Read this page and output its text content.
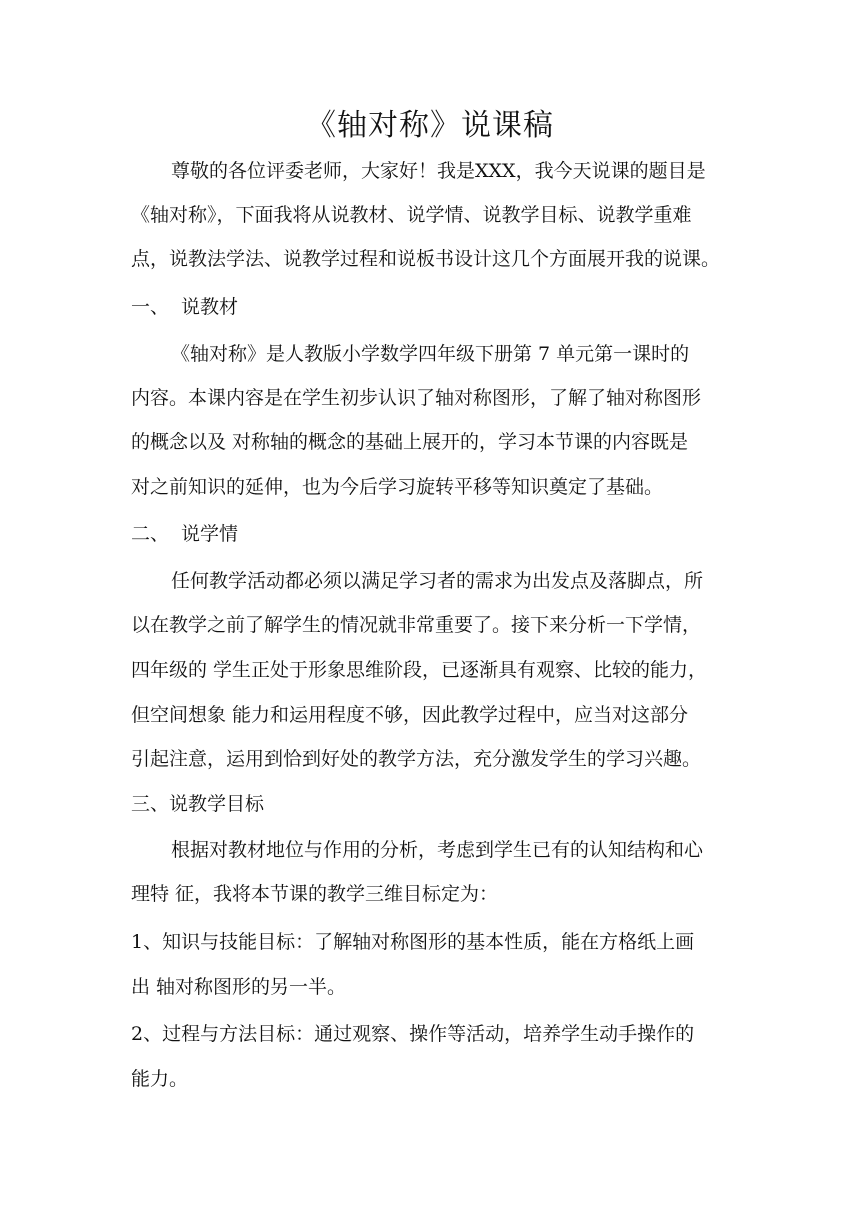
《轴对称》说课稿
尊敬的各位评委老师，大家好！我是XXX，我今天说课的题目是
《轴对称》，下面我将从说教材、说学情、说教学目标、说教学重难
点，说教法学法、说教学过程和说板书设计这几个方面展开我的说课。
一、 说教材
《轴对称》是人教版小学数学四年级下册第 7 单元第一课时的
内容。本课内容是在学生初步认识了轴对称图形，了解了轴对称图形
的概念以及 对称轴的概念的基础上展开的，学习本节课的内容既是
对之前知识的延伸，也为今后学习旋转平移等知识奠定了基础。
二、 说学情
任何教学活动都必须以满足学习者的需求为出发点及落脚点，所
以在教学之前了解学生的情况就非常重要了。接下来分析一下学情，
四年级的 学生正处于形象思维阶段，已逐渐具有观察、比较的能力，
但空间想象 能力和运用程度不够，因此教学过程中，应当对这部分
引起注意，运用到恰到好处的教学方法，充分激发学生的学习兴趣。
三、说教学目标
根据对教材地位与作用的分析，考虑到学生已有的认知结构和心
理特 征，我将本节课的教学三维目标定为：
1、知识与技能目标：了解轴对称图形的基本性质，能在方格纸上画
出 轴对称图形的另一半。
2、过程与方法目标：通过观察、操作等活动，培养学生动手操作的
能力。
